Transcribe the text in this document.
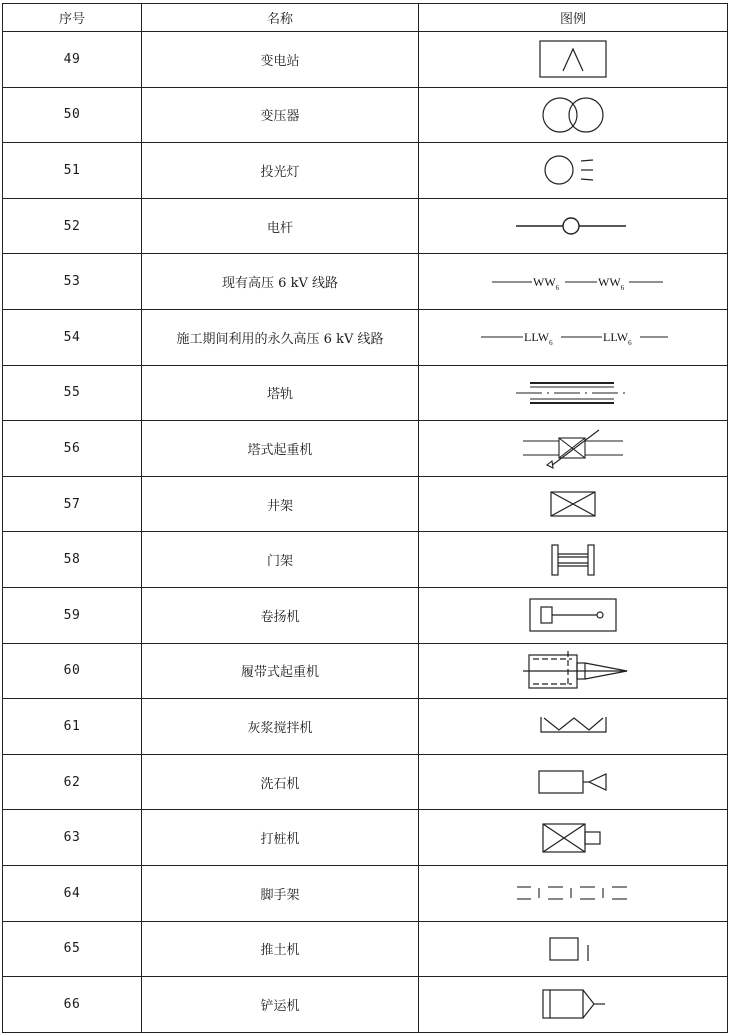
序号	名称	图例
49	变电站	

50	变压器	

51	投光灯	

52	电杆	

53	现有高压 6 kV 线路	$WW_6$ $WW_6$

54	施工期间利用的永久高压 6 kV 线路	$LLW_6$ $LLW_6$

55	塔轨	

56	塔式起重机	

57	井架	

58	门架	

59	卷扬机	

60	履带式起重机	

61	灰浆搅拌机	

62	洗石机	

63	打桩机	

64	脚手架	

65	推土机	

66	铲运机	
